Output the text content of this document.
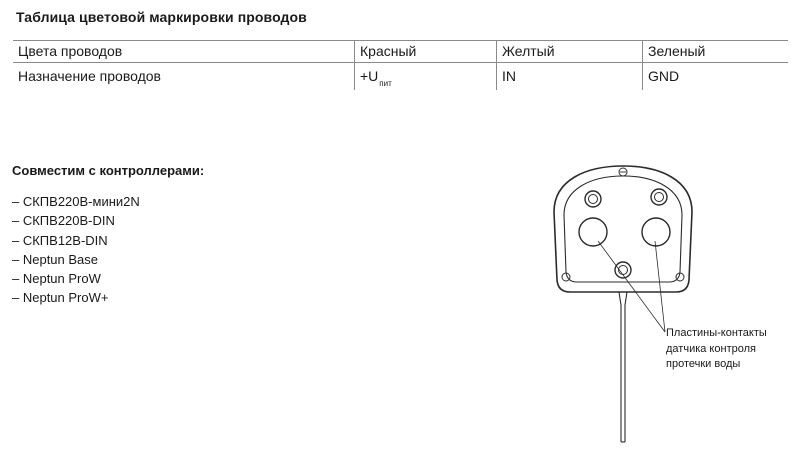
Таблица цветовой маркировки проводов
Цвета проводов	Красный	Желтый	Зеленый
Назначение проводов	$+U_{пит}$	IN	GND
Совместим с контроллерами:
– СКПВ220В-мини2N
– СКПВ220В-DIN
– СКПВ12В-DIN
– Neptun Base
– Neptun ProW
– Neptun ProW+
Пластины-контакты
датчика контроля
протечки воды
